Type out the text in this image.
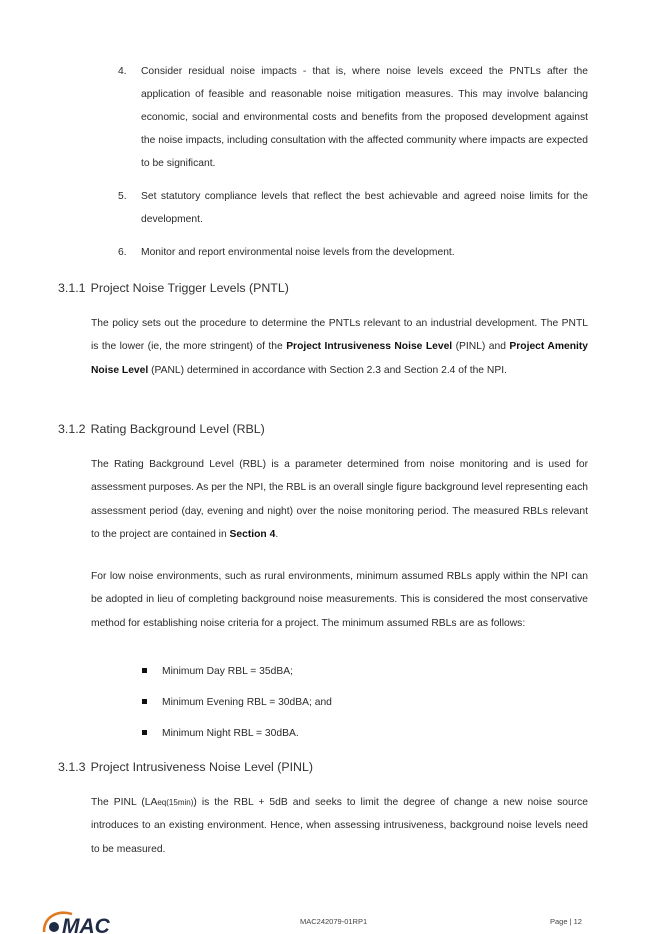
4. Consider residual noise impacts - that is, where noise levels exceed the PNTLs after the application of feasible and reasonable noise mitigation measures. This may involve balancing economic, social and environmental costs and benefits from the proposed development against the noise impacts, including consultation with the affected community where impacts are expected to be significant.
5. Set statutory compliance levels that reflect the best achievable and agreed noise limits for the development.
6. Monitor and report environmental noise levels from the development.
3.1.1 Project Noise Trigger Levels (PNTL)
The policy sets out the procedure to determine the PNTLs relevant to an industrial development. The PNTL is the lower (ie, the more stringent) of the Project Intrusiveness Noise Level (PINL) and Project Amenity Noise Level (PANL) determined in accordance with Section 2.3 and Section 2.4 of the NPI.
3.1.2 Rating Background Level (RBL)
The Rating Background Level (RBL) is a parameter determined from noise monitoring and is used for assessment purposes. As per the NPI, the RBL is an overall single figure background level representing each assessment period (day, evening and night) over the noise monitoring period. The measured RBLs relevant to the project are contained in Section 4.
For low noise environments, such as rural environments, minimum assumed RBLs apply within the NPI can be adopted in lieu of completing background noise measurements. This is considered the most conservative method for establishing noise criteria for a project. The minimum assumed RBLs are as follows:
Minimum Day RBL = 35dBA;
Minimum Evening RBL = 30dBA; and
Minimum Night RBL = 30dBA.
3.1.3 Project Intrusiveness Noise Level (PINL)
The PINL (LAeq(15min)) is the RBL + 5dB and seeks to limit the degree of change a new noise source introduces to an existing environment. Hence, when assessing intrusiveness, background noise levels need to be measured.
MAC	MAC242079-01RP1	Page | 12
